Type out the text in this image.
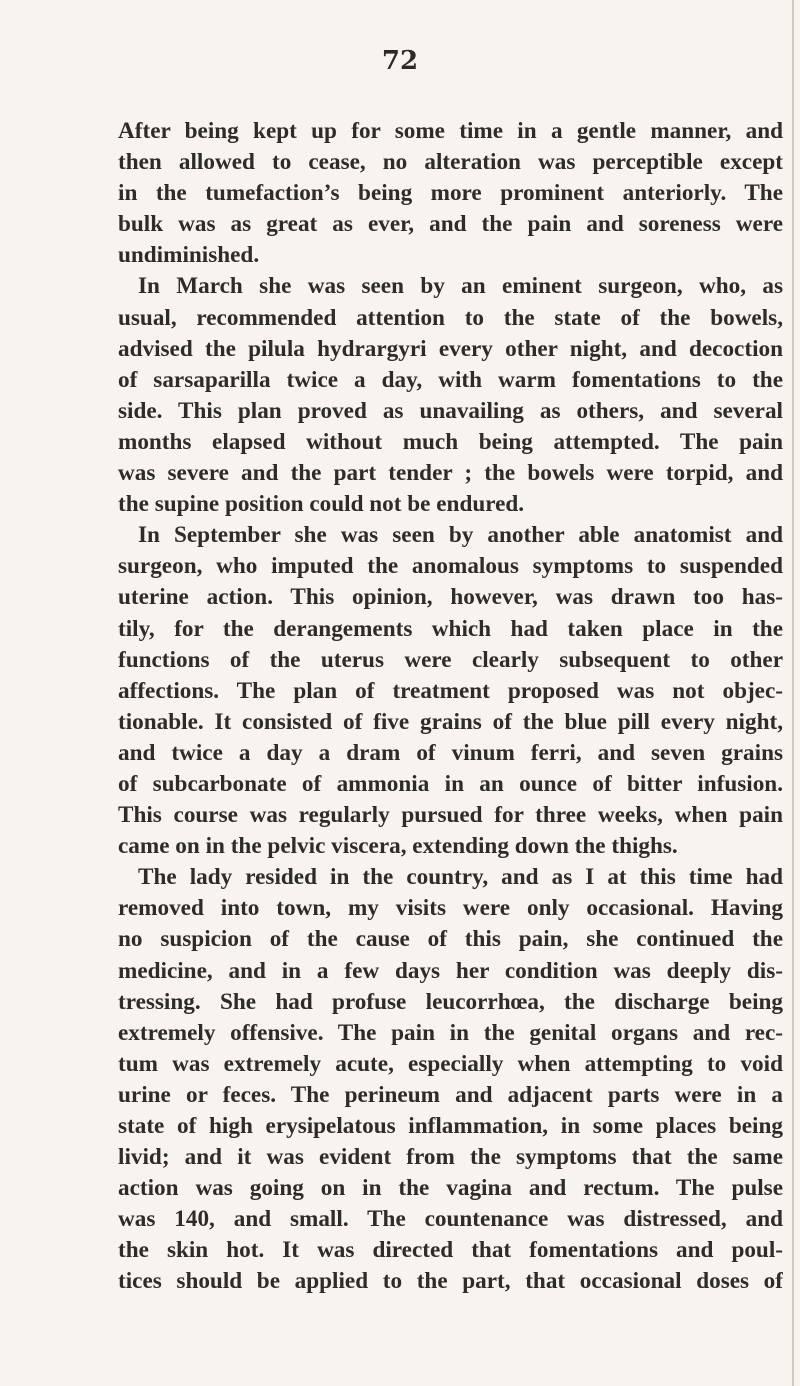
72
After being kept up for some time in a gentle manner, and
then allowed to cease, no alteration was perceptible except
in the tumefaction’s being more prominent anteriorly. The
bulk was as great as ever, and the pain and soreness were
undiminished.
In March she was seen by an eminent surgeon, who, as
usual, recommended attention to the state of the bowels,
advised the pilula hydrargyri every other night, and decoction
of sarsaparilla twice a day, with warm fomentations to the
side. This plan proved as unavailing as others, and several
months elapsed without much being attempted. The pain
was severe and the part tender ; the bowels were torpid, and
the supine position could not be endured.
In September she was seen by another able anatomist and
surgeon, who imputed the anomalous symptoms to suspended
uterine action. This opinion, however, was drawn too has-
tily, for the derangements which had taken place in the
functions of the uterus were clearly subsequent to other
affections. The plan of treatment proposed was not objec-
tionable. It consisted of five grains of the blue pill every night,
and twice a day a dram of vinum ferri, and seven grains
of subcarbonate of ammonia in an ounce of bitter infusion.
This course was regularly pursued for three weeks, when pain
came on in the pelvic viscera, extending down the thighs.
The lady resided in the country, and as I at this time had
removed into town, my visits were only occasional. Having
no suspicion of the cause of this pain, she continued the
medicine, and in a few days her condition was deeply dis-
tressing. She had profuse leucorrhœa, the discharge being
extremely offensive. The pain in the genital organs and rec-
tum was extremely acute, especially when attempting to void
urine or feces. The perineum and adjacent parts were in a
state of high erysipelatous inflammation, in some places being
livid; and it was evident from the symptoms that the same
action was going on in the vagina and rectum. The pulse
was 140, and small. The countenance was distressed, and
the skin hot. It was directed that fomentations and poul-
tices should be applied to the part, that occasional doses of
